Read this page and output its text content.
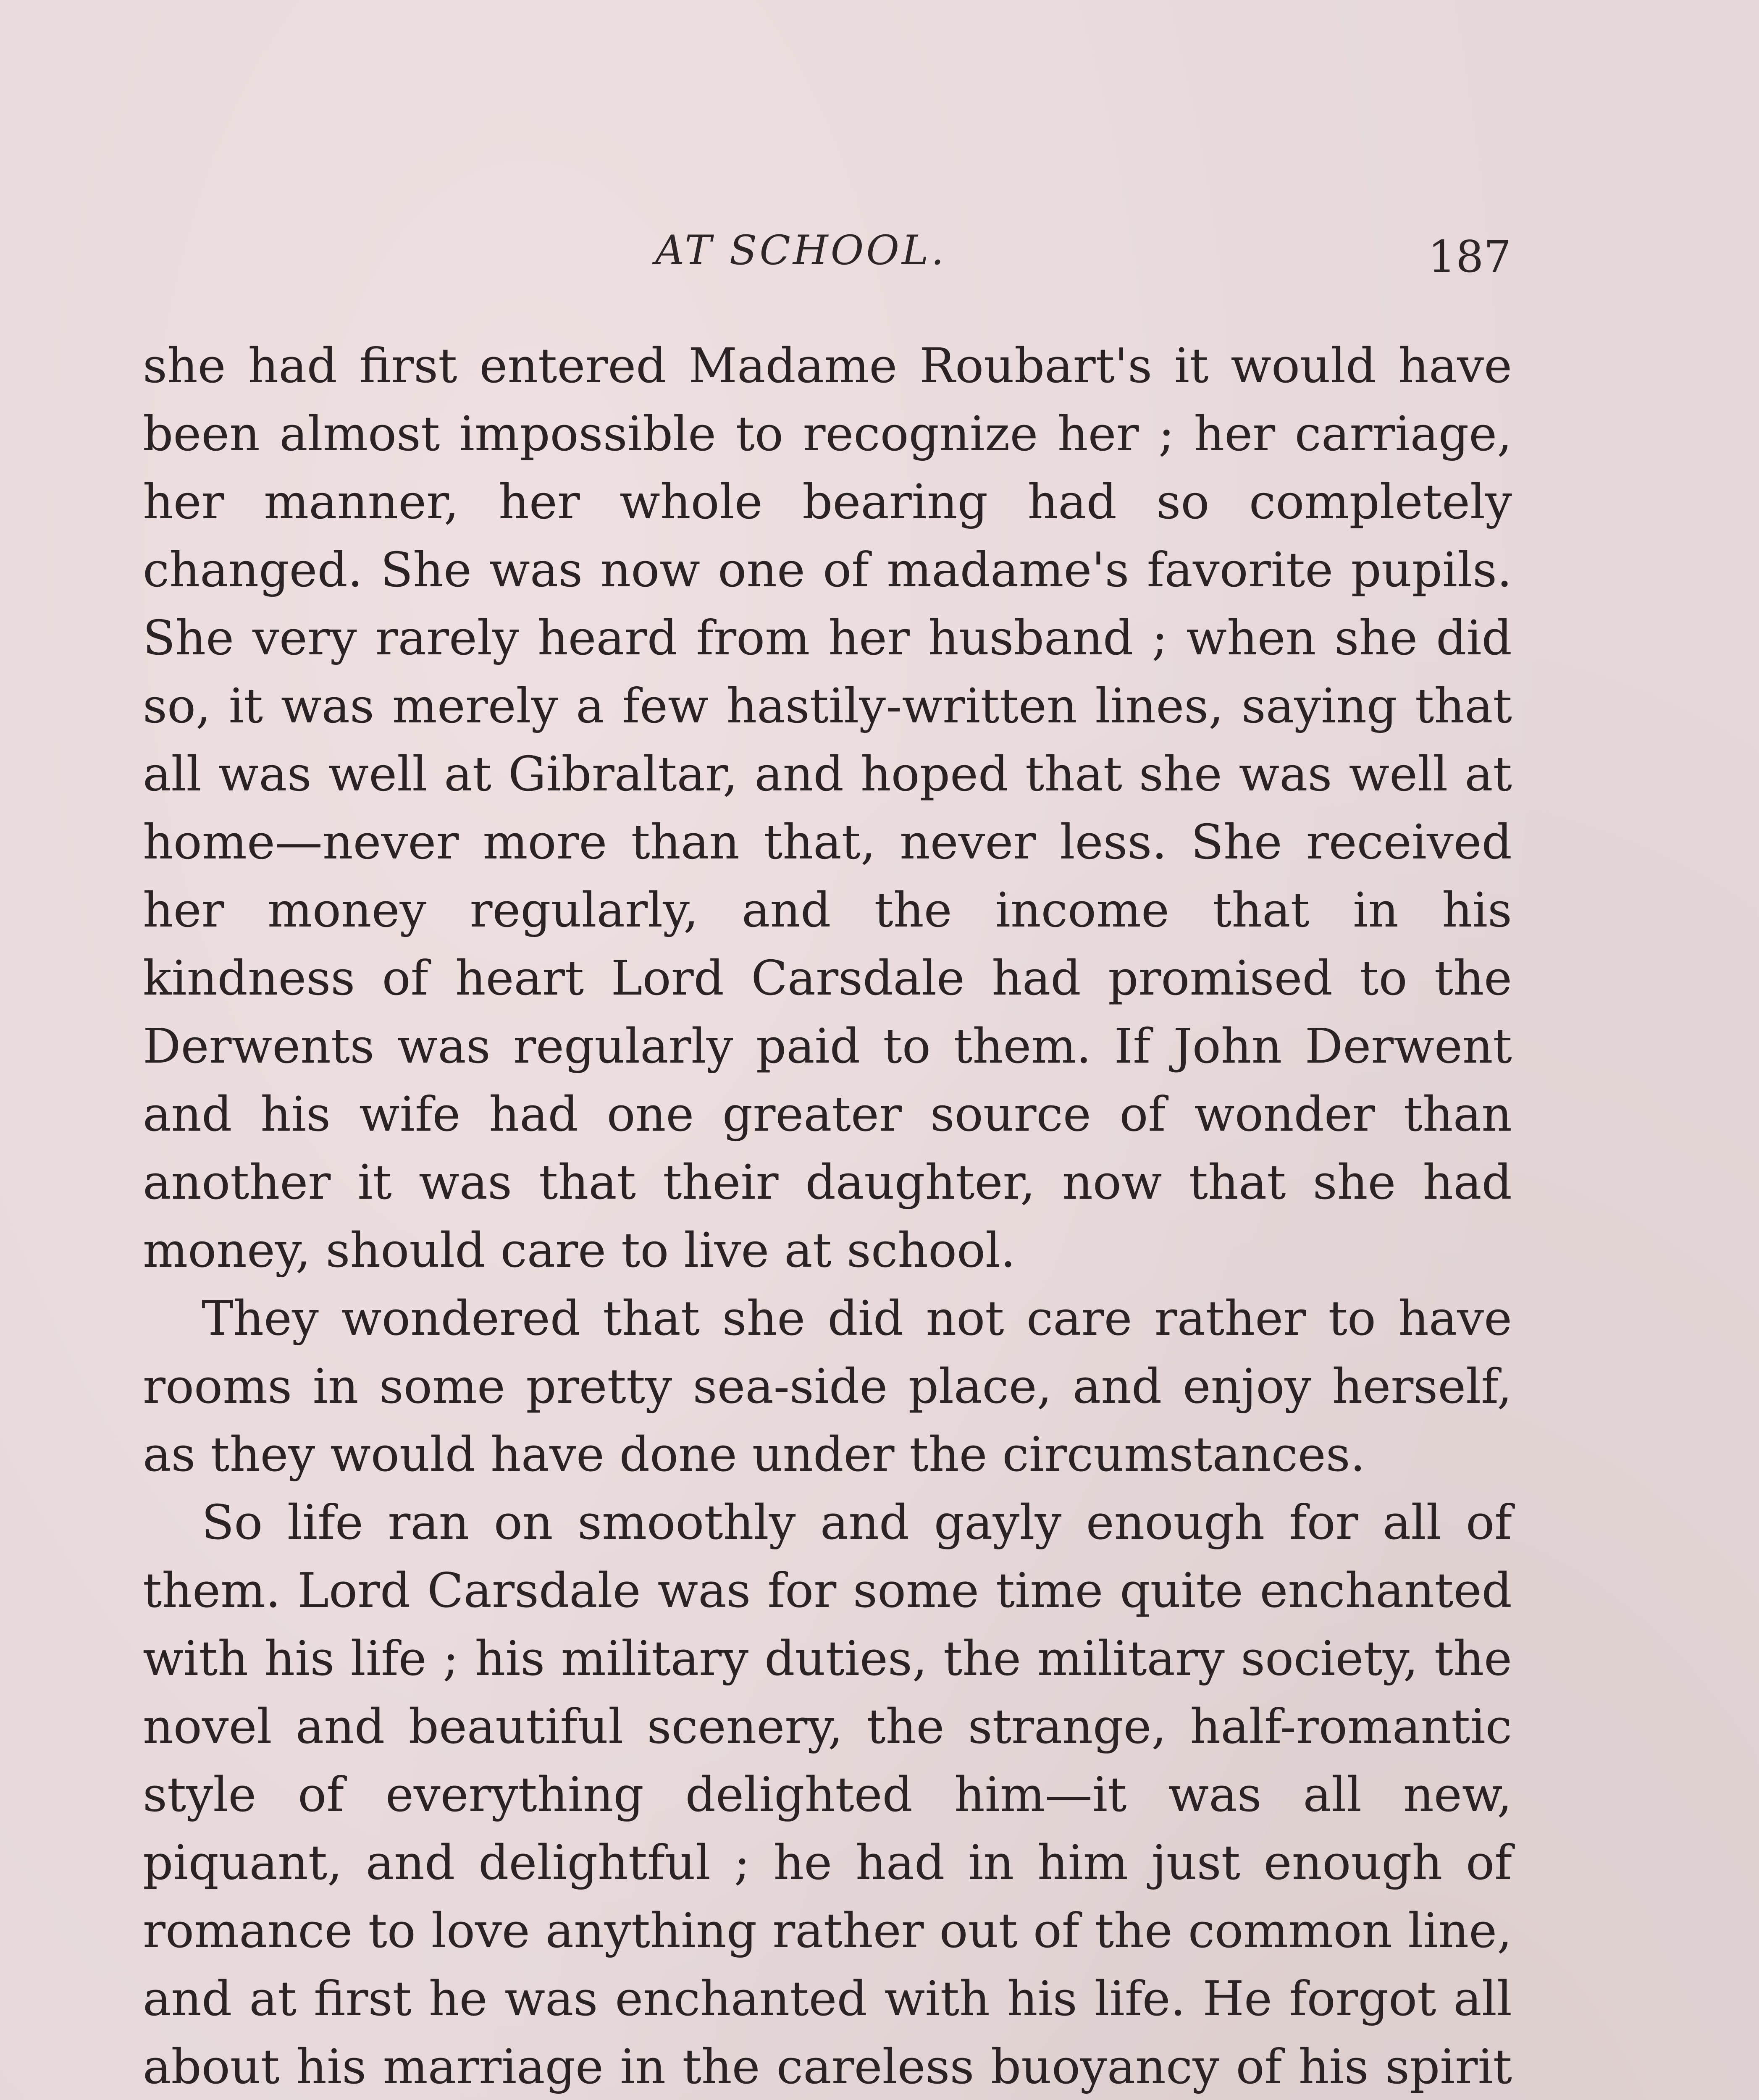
AT SCHOOL.	187

she had first entered Madame Roubart's it would have been almost impossible to recognize her ; her carriage, her manner, her whole bearing had so completely changed. She was now one of madame's favorite pupils. She very rarely heard from her husband ; when she did so, it was merely a few hastily-written lines, saying that all was well at Gibraltar, and hoped that she was well at home—never more than that, never less. She received her money regularly, and the income that in his kindness of heart Lord Carsdale had promised to the Derwents was regularly paid to them. If John Derwent and his wife had one greater source of wonder than another it was that their daughter, now that she had money, should care to live at school.

They wondered that she did not care rather to have rooms in some pretty sea-side place, and enjoy herself, as they would have done under the circumstances.

So life ran on smoothly and gayly enough for all of them. Lord Carsdale was for some time quite enchanted with his life ; his military duties, the military society, the novel and beautiful scenery, the strange, half-romantic style of everything delighted him—it was all new, piquant, and delightful ; he had in him just enough of romance to love anything rather out of the common line, and at first he was enchanted with his life. He forgot all about his marriage in the careless buoyancy of his spirit
